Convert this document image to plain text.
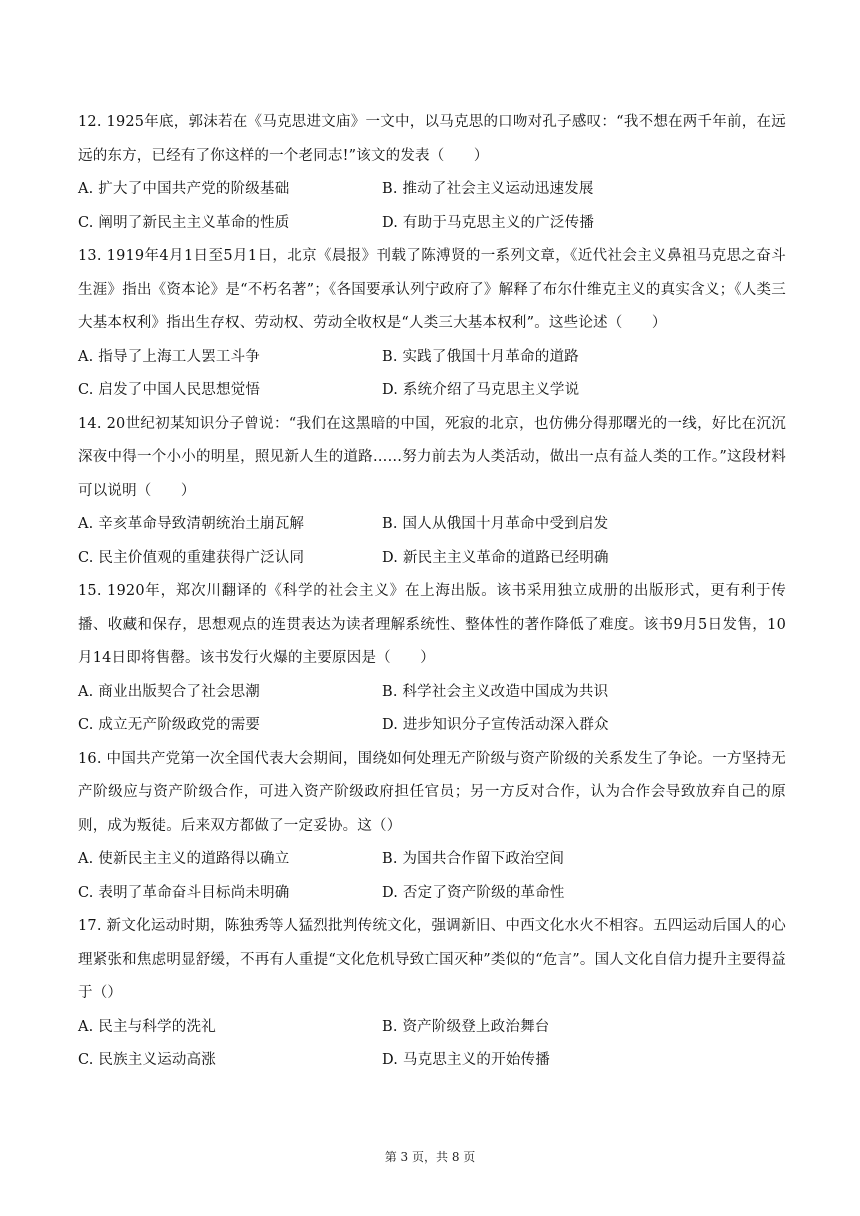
12. 1925年底，郭沫若在《马克思进文庙》一文中，以马克思的口吻对孔子感叹：“我不想在两千年前，在远远的东方，已经有了你这样的一个老同志!”该文的发表（　　）

A. 扩大了中国共产党的阶级基础	B. 推动了社会主义运动迅速发展
C. 阐明了新民主主义革命的性质	D. 有助于马克思主义的广泛传播

13. 1919年4月1日至5月1日，北京《晨报》刊载了陈溥贤的一系列文章，《近代社会主义鼻祖马克思之奋斗生涯》指出《资本论》是“不朽名著”；《各国要承认列宁政府了》解释了布尔什维克主义的真实含义；《人类三大基本权利》指出生存权、劳动权、劳动全收权是“人类三大基本权利”。这些论述（　　）

A. 指导了上海工人罢工斗争	B. 实践了俄国十月革命的道路
C. 启发了中国人民思想觉悟	D. 系统介绍了马克思主义学说

14. 20世纪初某知识分子曾说：“我们在这黑暗的中国，死寂的北京，也仿佛分得那曙光的一线，好比在沉沉深夜中得一个小小的明星，照见新人生的道路……努力前去为人类活动，做出一点有益人类的工作。”这段材料可以说明（　　）

A. 辛亥革命导致清朝统治土崩瓦解	B. 国人从俄国十月革命中受到启发
C. 民主价值观的重建获得广泛认同	D. 新民主主义革命的道路已经明确

15. 1920年，郑次川翻译的《科学的社会主义》在上海出版。该书采用独立成册的出版形式，更有利于传播、收藏和保存，思想观点的连贯表达为读者理解系统性、整体性的著作降低了难度。该书9月5日发售，10月14日即将售罄。该书发行火爆的主要原因是（　　）

A. 商业出版契合了社会思潮	B. 科学社会主义改造中国成为共识
C. 成立无产阶级政党的需要	D. 进步知识分子宣传活动深入群众

16. 中国共产党第一次全国代表大会期间，围绕如何处理无产阶级与资产阶级的关系发生了争论。一方坚持无产阶级应与资产阶级合作，可进入资产阶级政府担任官员；另一方反对合作，认为合作会导致放弃自己的原则，成为叛徒。后来双方都做了一定妥协。这（）

A. 使新民主主义的道路得以确立	B. 为国共合作留下政治空间
C. 表明了革命奋斗目标尚未明确	D. 否定了资产阶级的革命性

17. 新文化运动时期，陈独秀等人猛烈批判传统文化，强调新旧、中西文化水火不相容。五四运动后国人的心理紧张和焦虑明显舒缓，不再有人重提“文化危机导致亡国灭种”类似的“危言”。国人文化自信力提升主要得益于（）

A. 民主与科学的洗礼	B. 资产阶级登上政治舞台
C. 民族主义运动高涨	D. 马克思主义的开始传播
第 3 页，共 8 页
